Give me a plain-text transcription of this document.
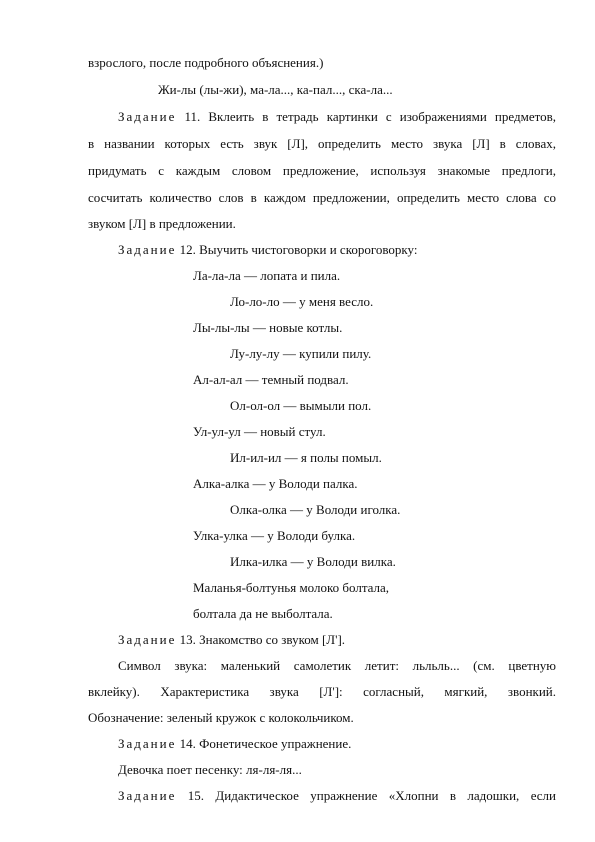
взрослого, после подробного объяснения.)
Жи-лы (лы-жи), ма-ла..., ка-пал..., ска-ла...
Задание 11. Вклеить в тетрадь картинки с изображениями предметов,
в названии которых есть звук [Л], определить место звука [Л] в словах,
придумать с каждым словом предложение, используя знакомые предлоги,
сосчитать количество слов в каждом предложении, определить место слова со
звуком [Л] в предложении.
Задание 12. Выучить чистоговорки и скороговорку:
Ла-ла-ла — лопата и пила.
Ло-ло-ло — у меня весло.
Лы-лы-лы — новые котлы.
Лу-лу-лу — купили пилу.
Ал-ал-ал — темный подвал.
Ол-ол-ол — вымыли пол.
Ул-ул-ул — новый стул.
Ил-ил-ил — я полы помыл.
Алка-алка — у Володи палка.
Олка-олка — у Володи иголка.
Улка-улка — у Володи булка.
Илка-илка — у Володи вилка.
Маланья-болтунья молоко болтала,
болтала да не выболтала.
Задание 13. Знакомство со звуком [Л'].
Символ звука: маленький самолетик летит: льльль... (см. цветную
вклейку). Характеристика звука [Л']: согласный, мягкий, звонкий.
Обозначение: зеленый кружок с колокольчиком.
Задание 14. Фонетическое упражнение.
Девочка поет песенку: ля-ля-ля...
Задание 15. Дидактическое упражнение «Хлопни в ладошки, если
